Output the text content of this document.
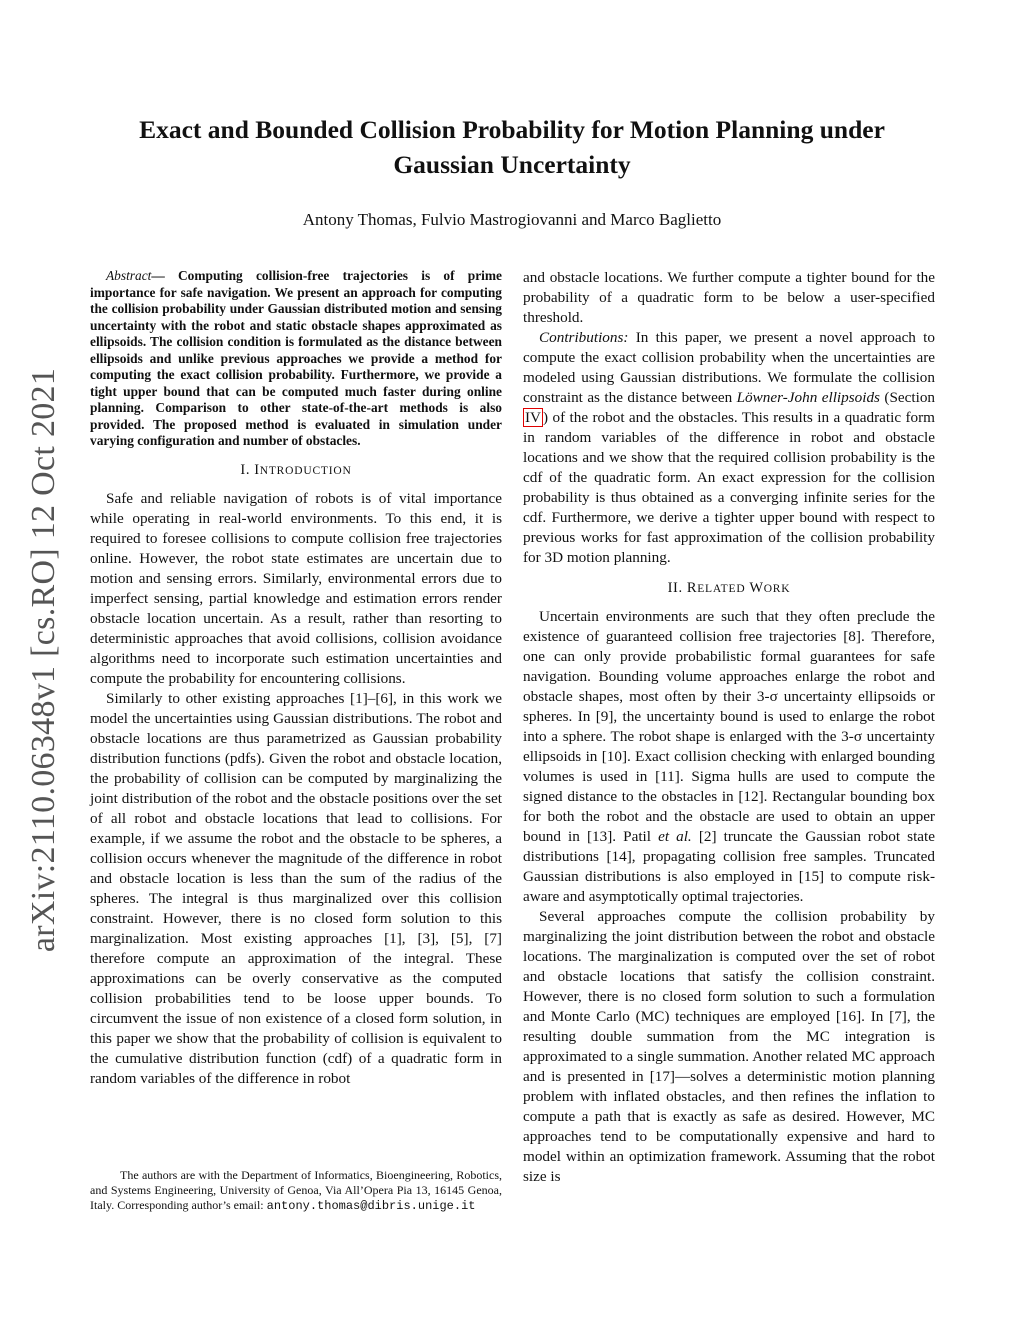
arXiv:2110.06348v1 [cs.RO] 12 Oct 2021
Exact and Bounded Collision Probability for Motion Planning under Gaussian Uncertainty
Antony Thomas, Fulvio Mastrogiovanni and Marco Baglietto

Abstract— Computing collision-free trajectories is of prime importance for safe navigation. We present an approach for computing the collision probability under Gaussian distributed motion and sensing uncertainty with the robot and static obstacle shapes approximated as ellipsoids. The collision condition is formulated as the distance between ellipsoids and unlike previous approaches we provide a method for computing the exact collision probability. Furthermore, we provide a tight upper bound that can be computed much faster during online planning. Comparison to other state-of-the-art methods is also provided. The proposed method is evaluated in simulation under varying configuration and number of obstacles.

I. INTRODUCTION

Safe and reliable navigation of robots is of vital importance while operating in real-world environments. To this end, it is required to foresee collisions to compute collision free trajectories online. However, the robot state estimates are uncertain due to motion and sensing errors. Similarly, environmental errors due to imperfect sensing, partial knowledge and estimation errors render obstacle location uncertain. As a result, rather than resorting to deterministic approaches that avoid collisions, collision avoidance algorithms need to incorporate such estimation uncertainties and compute the probability for encountering collisions.

Similarly to other existing approaches [1]–[6], in this work we model the uncertainties using Gaussian distributions. The robot and obstacle locations are thus parametrized as Gaussian probability distribution functions (pdfs). Given the robot and obstacle location, the probability of collision can be computed by marginalizing the joint distribution of the robot and the obstacle positions over the set of all robot and obstacle locations that lead to collisions. For example, if we assume the robot and the obstacle to be spheres, a collision occurs whenever the magnitude of the difference in robot and obstacle location is less than the sum of the radius of the spheres. The integral is thus marginalized over this collision constraint. However, there is no closed form solution to this marginalization. Most existing approaches [1], [3], [5], [7] therefore compute an approximation of the integral. These approximations can be overly conservative as the computed collision probabilities tend to be loose upper bounds. To circumvent the issue of non existence of a closed form solution, in this paper we show that the probability of collision is equivalent to the cumulative distribution function (cdf) of a quadratic form in random variables of the difference in robot

The authors are with the Department of Informatics, Bioengineering, Robotics, and Systems Engineering, University of Genoa, Via All’Opera Pia 13, 16145 Genoa, Italy. Corresponding author’s email: antony.thomas@dibris.unige.it

and obstacle locations. We further compute a tighter bound for the probability of a quadratic form to be below a user-specified threshold.

Contributions: In this paper, we present a novel approach to compute the exact collision probability when the uncertainties are modeled using Gaussian distributions. We formulate the collision constraint as the distance between Löwner-John ellipsoids (Section IV ) of the robot and the obstacles. This results in a quadratic form in random variables of the difference in robot and obstacle locations and we show that the required collision probability is the cdf of the quadratic form. An exact expression for the collision probability is thus obtained as a converging infinite series for the cdf. Furthermore, we derive a tighter upper bound with respect to previous works for fast approximation of the collision probability for 3D motion planning.

II. RELATED WORK

Uncertain environments are such that they often preclude the existence of guaranteed collision free trajectories [8]. Therefore, one can only provide probabilistic formal guarantees for safe navigation. Bounding volume approaches enlarge the robot and obstacle shapes, most often by their 3-σ uncertainty ellipsoids or spheres. In [9], the uncertainty bound is used to enlarge the robot into a sphere. The robot shape is enlarged with the 3-σ uncertainty ellipsoids in [10]. Exact collision checking with enlarged bounding volumes is used in [11]. Sigma hulls are used to compute the signed distance to the obstacles in [12]. Rectangular bounding box for both the robot and the obstacle are used to obtain an upper bound in [13]. Patil et al. [2] truncate the Gaussian robot state distributions [14], propagating collision free samples. Truncated Gaussian distributions is also employed in [15] to compute risk-aware and asymptotically optimal trajectories.

Several approaches compute the collision probability by marginalizing the joint distribution between the robot and obstacle locations. The marginalization is computed over the set of robot and obstacle locations that satisfy the collision constraint. However, there is no closed form solution to such a formulation and Monte Carlo (MC) techniques are employed [16]. In [7], the resulting double summation from the MC integration is approximated to a single summation. Another related MC approach and is presented in [17]—solves a deterministic motion planning problem with inflated obstacles, and then refines the inflation to compute a path that is exactly as safe as desired. However, MC approaches tend to be computationally expensive and hard to model within an optimization framework. Assuming that the robot size is
